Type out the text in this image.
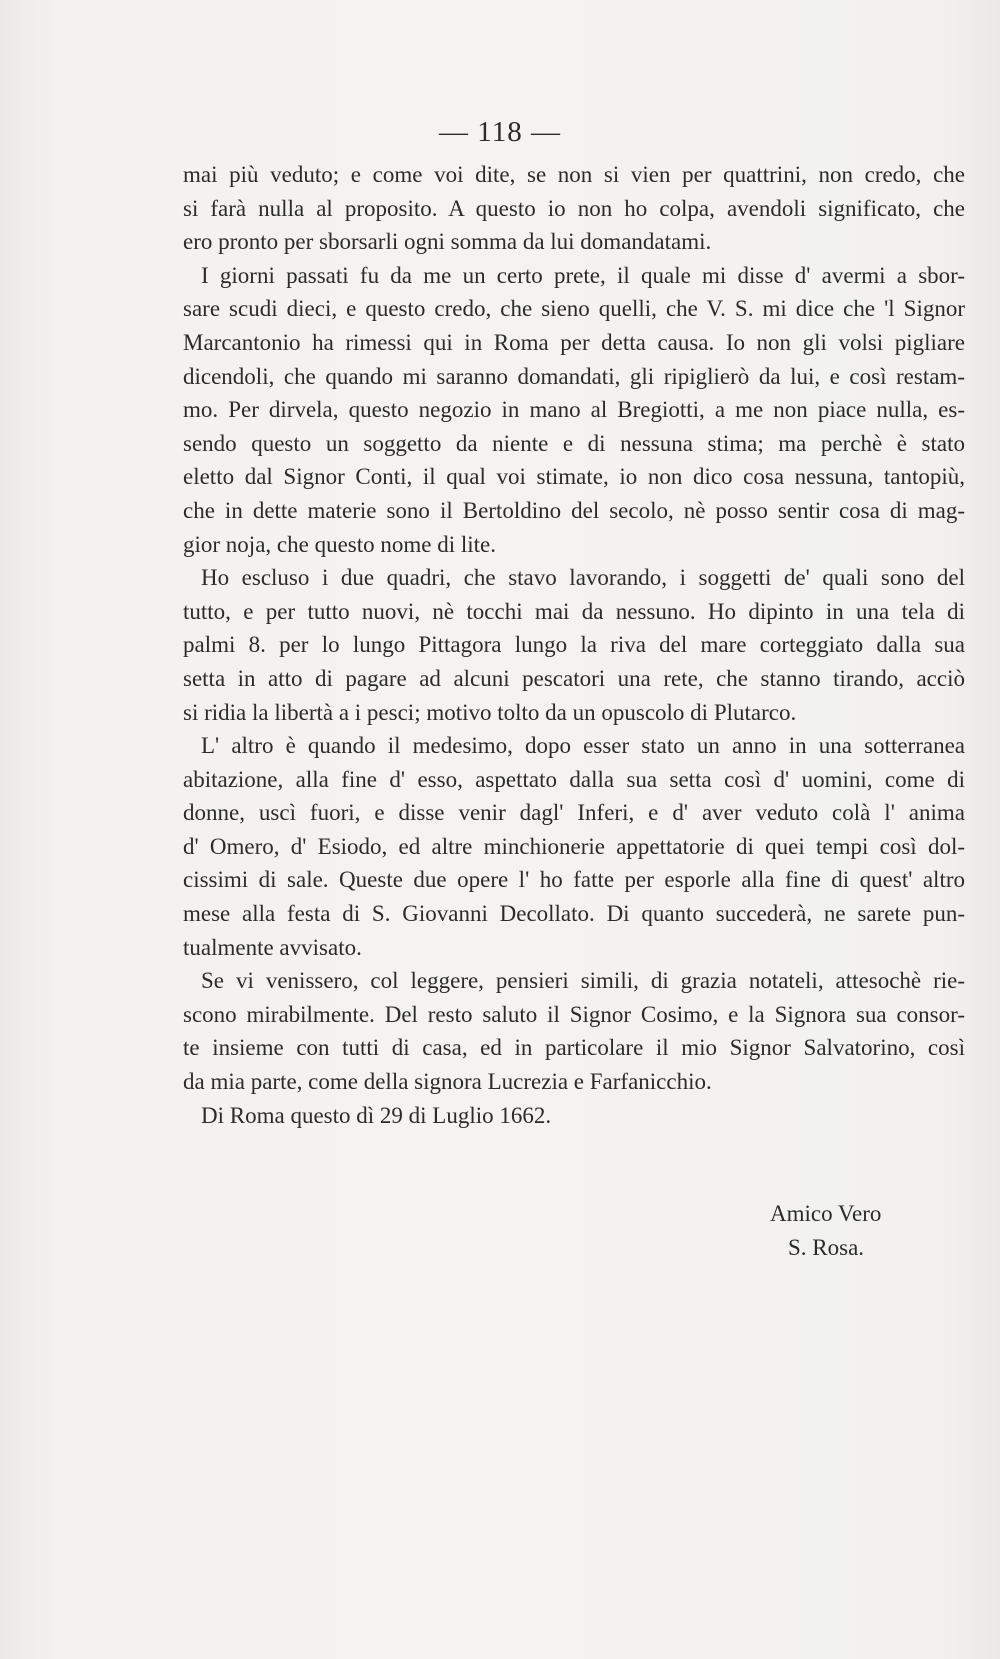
— 118 —
mai più veduto; e come voi dite, se non si vien per quattrini, non credo, che
si farà nulla al proposito. A questo io non ho colpa, avendoli significato, che
ero pronto per sborsarli ogni somma da lui domandatami.
I giorni passati fu da me un certo prete, il quale mi disse d' avermi a sbor-
sare scudi dieci, e questo credo, che sieno quelli, che V. S. mi dice che 'l Signor
Marcantonio ha rimessi qui in Roma per detta causa. Io non gli volsi pigliare
dicendoli, che quando mi saranno domandati, gli ripiglierò da lui, e così restam-
mo. Per dirvela, questo negozio in mano al Bregiotti, a me non piace nulla, es-
sendo questo un soggetto da niente e di nessuna stima; ma perchè è stato
eletto dal Signor Conti, il qual voi stimate, io non dico cosa nessuna, tantopiù,
che in dette materie sono il Bertoldino del secolo, nè posso sentir cosa di mag-
gior noja, che questo nome di lite.
Ho escluso i due quadri, che stavo lavorando, i soggetti de' quali sono del
tutto, e per tutto nuovi, nè tocchi mai da nessuno. Ho dipinto in una tela di
palmi 8. per lo lungo Pittagora lungo la riva del mare corteggiato dalla sua
setta in atto di pagare ad alcuni pescatori una rete, che stanno tirando, acciò
si ridia la libertà a i pesci; motivo tolto da un opuscolo di Plutarco.
L' altro è quando il medesimo, dopo esser stato un anno in una sotterranea
abitazione, alla fine d' esso, aspettato dalla sua setta così d' uomini, come di
donne, uscì fuori, e disse venir dagl' Inferi, e d' aver veduto colà l' anima
d' Omero, d' Esiodo, ed altre minchionerie appettatorie di quei tempi così dol-
cissimi di sale. Queste due opere l' ho fatte per esporle alla fine di quest' altro
mese alla festa di S. Giovanni Decollato. Di quanto succederà, ne sarete pun-
tualmente avvisato.
Se vi venissero, col leggere, pensieri simili, di grazia notateli, attesochè rie-
scono mirabilmente. Del resto saluto il Signor Cosimo, e la Signora sua consor-
te insieme con tutti di casa, ed in particolare il mio Signor Salvatorino, così
da mia parte, come della signora Lucrezia e Farfanicchio.
Di Roma questo dì 29 di Luglio 1662.
Amico Vero
S. Rosa.
